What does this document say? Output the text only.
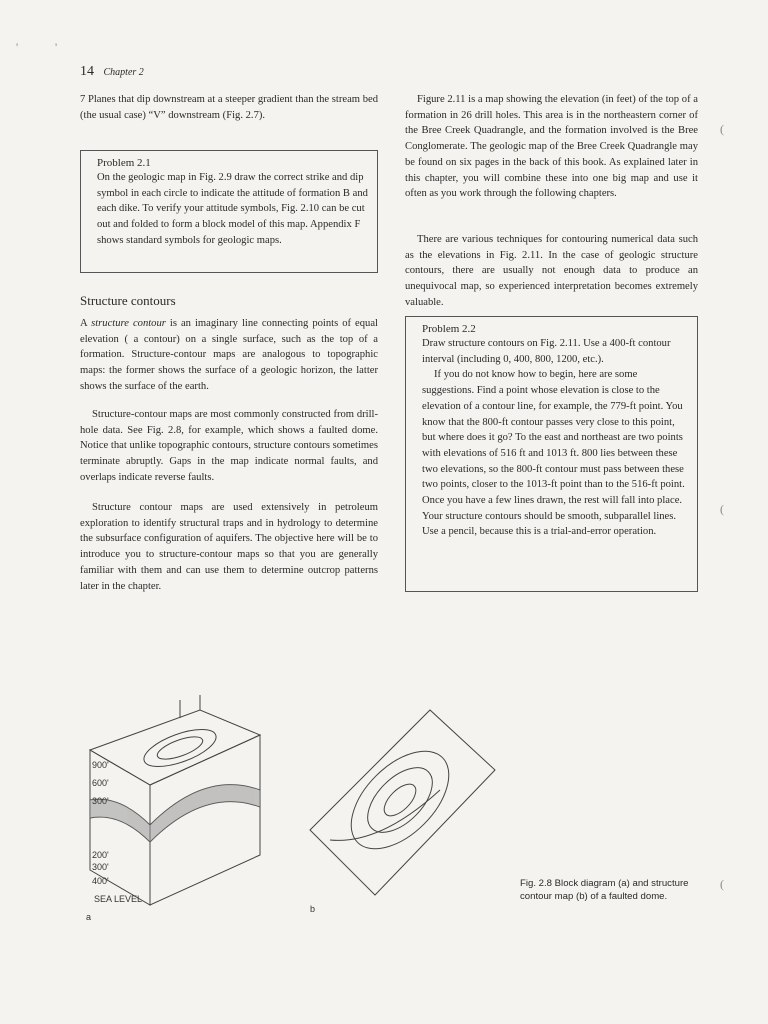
'	'
(
(
(
14 Chapter 2

7 Planes that dip downstream at a steeper gradient than the stream bed (the usual case) “V” downstream (Fig. 2.7).

Problem 2.1

On the geologic map in Fig. 2.9 draw the correct strike and dip symbol in each circle to indicate the attitude of formation B and each dike. To verify your attitude symbols, Fig. 2.10 can be cut out and folded to form a block model of this map. Appendix F shows standard symbols for geologic maps.

Structure contours

A structure contour is an imaginary line connecting points of equal elevation ( a contour) on a single surface, such as the top of a formation. Structure-contour maps are analogous to topographic maps: the former shows the surface of a geologic horizon, the latter shows the surface of the earth.

Structure-contour maps are most commonly constructed from drill-hole data. See Fig. 2.8, for example, which shows a faulted dome. Notice that unlike topographic contours, structure contours sometimes terminate abruptly. Gaps in the map indicate normal faults, and overlaps indicate reverse faults.

Structure contour maps are used extensively in petroleum exploration to identify structural traps and in hydrology to determine the subsurface configuration of aquifers. The objective here will be to introduce you to structure-contour maps so that you are generally familiar with them and can use them to determine outcrop patterns later in the chapter.

Figure 2.11 is a map showing the elevation (in feet) of the top of a formation in 26 drill holes. This area is in the northeastern corner of the Bree Creek Quadrangle, and the formation involved is the Bree Conglomerate. The geologic map of the Bree Creek Quadrangle may be found on six pages in the back of this book. As explained later in this chapter, you will combine these into one big map and use it often as you work through the following chapters.

There are various techniques for contouring numerical data such as the elevations in Fig. 2.11. In the case of geologic structure contours, there are usually not enough data to produce an unequivocal map, so experienced interpretation becomes extremely valuable.

Problem 2.2

Draw structure contours on Fig. 2.11. Use a 400-ft contour interval (including 0, 400, 800, 1200, etc.).

If you do not know how to begin, here are some suggestions. Find a point whose elevation is close to the elevation of a contour line, for example, the 779-ft point. You know that the 800-ft contour passes very close to this point, but where does it go? To the east and northeast are two points with elevations of 516 ft and 1013 ft. 800 lies between these two elevations, so the 800-ft contour must pass between these two points, closer to the 1013-ft point than to the 516-ft point. Once you have a few lines drawn, the rest will fall into place. Your structure contours should be smooth, subparallel lines. Use a pencil, because this is a trial-and-error operation.

900'
600'
300'
200'
300'
400'
SEA LEVEL
a
b
Fig. 2.8 Block diagram (a) and structure contour map (b) of a faulted dome.
